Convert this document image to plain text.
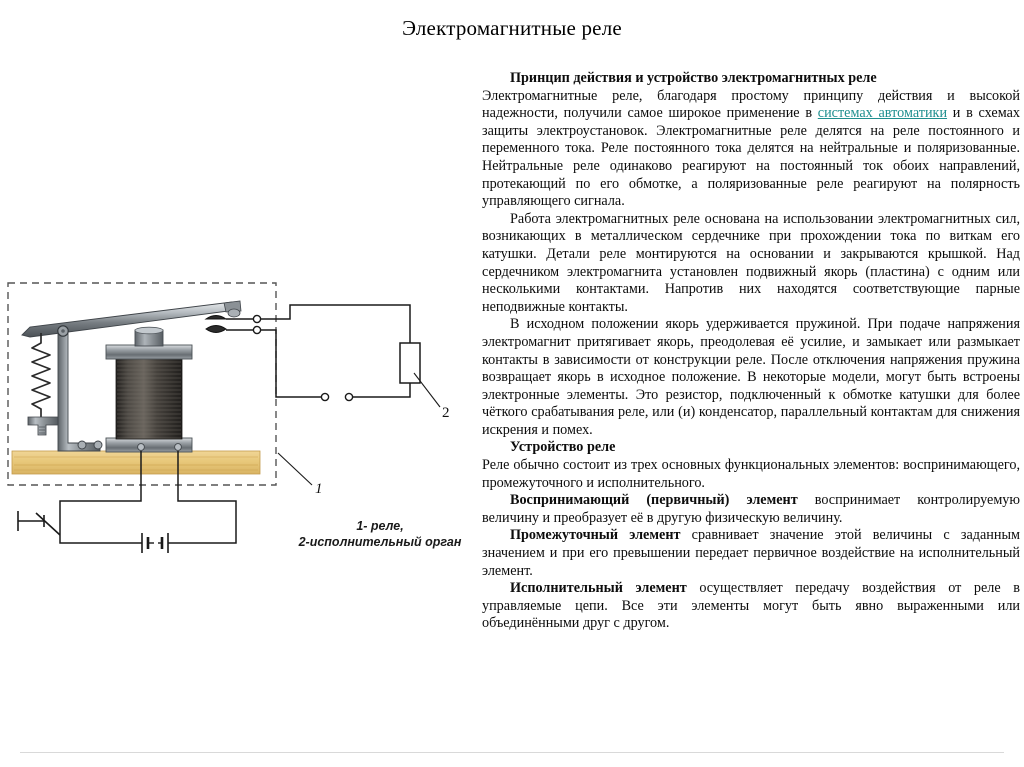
Электромагнитные реле
2
1
1- реле,
2-исполнительный орган

Принцип действия и устройство электромагнитных реле
Электромагнитные реле, благодаря простому принципу действия и высокой надежности, получили самое широкое применение в системах автоматики и в схемах защиты электроустановок. Электромагнитные реле делятся на реле постоянного и переменного тока. Реле постоянного тока делятся на нейтральные и поляризованные. Нейтральные реле одинаково реагируют на постоянный ток обоих направлений, протекающий по его обмотке, а поляризованные реле реагируют на полярность управляющего сигнала.

Работа электромагнитных реле основана на использовании электромагнитных сил, возникающих в металлическом сердечнике при прохождении тока по виткам его катушки. Детали реле монтируются на основании и закрываются крышкой. Над сердечником электромагнита установлен подвижный якорь (пластина) с одним или несколькими контактами. Напротив них находятся соответствующие парные неподвижные контакты.

В исходном положении якорь удерживается пружиной. При подаче напряжения электромагнит притягивает якорь, преодолевая её усилие, и замыкает или размыкает контакты в зависимости от конструкции реле. После отключения напряжения пружина возвращает якорь в исходное положение. В некоторые модели, могут быть встроены электронные элементы. Это резистор, подключенный к обмотке катушки для более чёткого срабатывания реле, или (и) конденсатор, параллельный контактам для снижения искрения и помех.

Устройство реле
Реле обычно состоит из трех основных функциональных элементов: воспринимающего, промежуточного и исполнительного.

Воспринимающий (первичный) элемент воспринимает контролируемую величину и преобразует её в другую физическую величину.

Промежуточный элемент сравнивает значение этой величины с заданным значением и при его превышении передает первичное воздействие на исполнительный элемент.

Исполнительный элемент осуществляет передачу воздействия от реле в управляемые цепи. Все эти элементы могут быть явно выраженными или объединёнными друг с другом.
